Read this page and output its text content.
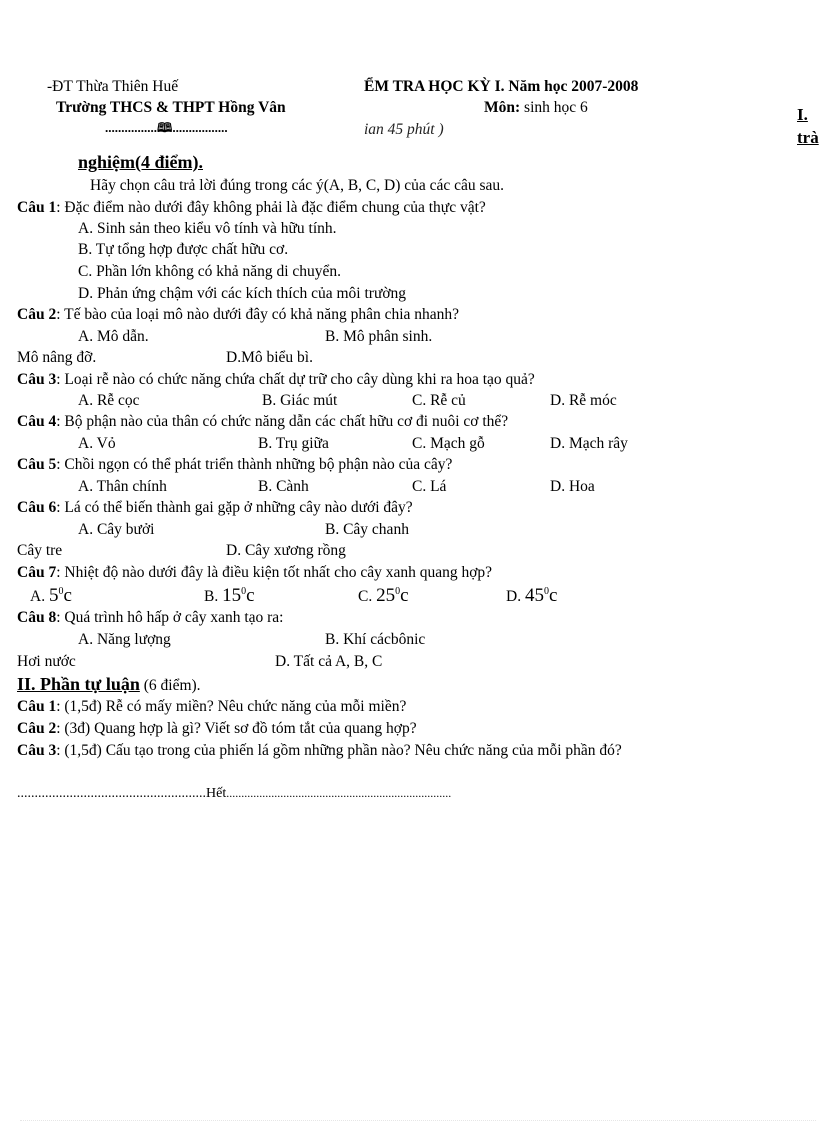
-ĐT Thừa Thiên Huế	ỂM TRA HỌC KỲ I. Năm học 2007-2008
Trường THCS & THPT Hồng Vân	Môn: sinh học 6
................🕮.................	ian 45 phút )
I.
trà
nghiệm(4 điểm).
Hãy chọn câu trả lời đúng trong các ý(A, B, C, D) của các câu sau.
Câu 1: Đặc điểm nào dưới đây không phải là đặc điểm chung của thực vật?
A. Sinh sản theo kiểu vô tính và hữu tính.
B. Tự tổng hợp được chất hữu cơ.
C. Phần lớn không có khả năng di chuyển.
D. Phản ứng chậm với các kích thích của môi trường
Câu 2: Tế bào của loại mô nào dưới đây có khả năng phân chia nhanh?
A. Mô dẫn.	B. Mô phân sinh.
Mô nâng đỡ.	D.Mô biểu bì.
Câu 3: Loại rễ nào có chức năng chứa chất dự trữ cho cây dùng khi ra hoa tạo quả?
A. Rễ cọc	B. Giác mút	C. Rễ củ	D. Rễ móc
Câu 4: Bộ phận nào của thân có chức năng dẫn các chất hữu cơ đi nuôi cơ thể?
A. Vỏ	B. Trụ giữa	C. Mạch gỗ	D. Mạch rây
Câu 5: Chồi ngọn có thể phát triển thành những bộ phận nào của cây?
A. Thân chính	B. Cành	C. Lá	D. Hoa
Câu 6: Lá có thể biến thành gai gặp ở những cây nào dưới đây?
A. Cây bưởi	B. Cây chanh
Cây tre	D. Cây xương rồng
Câu 7: Nhiệt độ nào dưới đây là điều kiện tốt nhất cho cây xanh quang hợp?
A. $5^0c$	B. $15^0c$	C. $25^0c$	D. $45^0c$
Câu 8: Quá trình hô hấp ở cây xanh tạo ra:
A. Năng lượng	B. Khí cácbônic
Hơi nước	D. Tất cả A, B, C
II. Phần tự luận (6 điểm).
Câu 1: (1,5đ) Rễ có mấy miền? Nêu chức năng của mỗi miền?
Câu 2: (3đ) Quang hợp là gì? Viết sơ đồ tóm tắt của quang hợp?
Câu 3: (1,5đ) Cấu tạo trong của phiến lá gồm những phần nào? Nêu chức năng của mỗi phần đó?
......................................................Hết...........................................................................
